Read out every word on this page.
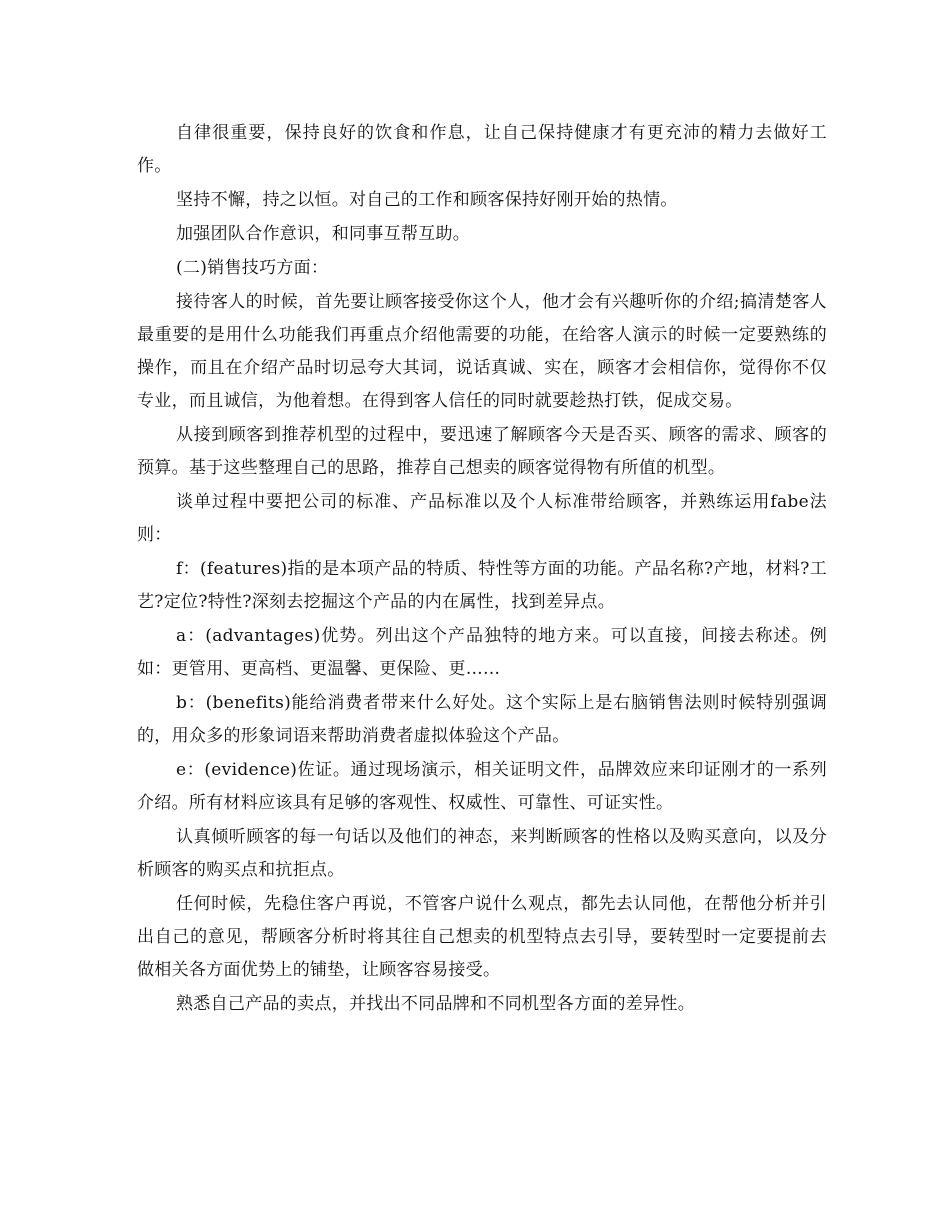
自律很重要，保持良好的饮食和作息，让自己保持健康才有更充沛的精力去做好工作。

坚持不懈，持之以恒。对自己的工作和顾客保持好刚开始的热情。

加强团队合作意识，和同事互帮互助。

(二)销售技巧方面：

接待客人的时候，首先要让顾客接受你这个人，他才会有兴趣听你的介绍;搞清楚客人最重要的是用什么功能我们再重点介绍他需要的功能，在给客人演示的时候一定要熟练的操作，而且在介绍产品时切忌夸大其词，说话真诚、实在，顾客才会相信你，觉得你不仅专业，而且诚信，为他着想。在得到客人信任的同时就要趁热打铁，促成交易。

从接到顾客到推荐机型的过程中，要迅速了解顾客今天是否买、顾客的需求、顾客的预算。基于这些整理自己的思路，推荐自己想卖的顾客觉得物有所值的机型。

谈单过程中要把公司的标准、产品标准以及个人标准带给顾客，并熟练运用fabe法则：

f：(features)指的是本项产品的特质、特性等方面的功能。产品名称?产地，材料?工艺?定位?特性?深刻去挖掘这个产品的内在属性，找到差异点。

a：(advantages)优势。列出这个产品独特的地方来。可以直接，间接去称述。例如：更管用、更高档、更温馨、更保险、更……

b：(benefits)能给消费者带来什么好处。这个实际上是右脑销售法则时候特别强调的，用众多的形象词语来帮助消费者虚拟体验这个产品。

e：(evidence)佐证。通过现场演示，相关证明文件，品牌效应来印证刚才的一系列介绍。所有材料应该具有足够的客观性、权威性、可靠性、可证实性。

认真倾听顾客的每一句话以及他们的神态，来判断顾客的性格以及购买意向，以及分析顾客的购买点和抗拒点。

任何时候，先稳住客户再说，不管客户说什么观点，都先去认同他，在帮他分析并引出自己的意见，帮顾客分析时将其往自己想卖的机型特点去引导，要转型时一定要提前去做相关各方面优势上的铺垫，让顾客容易接受。

熟悉自己产品的卖点，并找出不同品牌和不同机型各方面的差异性。
